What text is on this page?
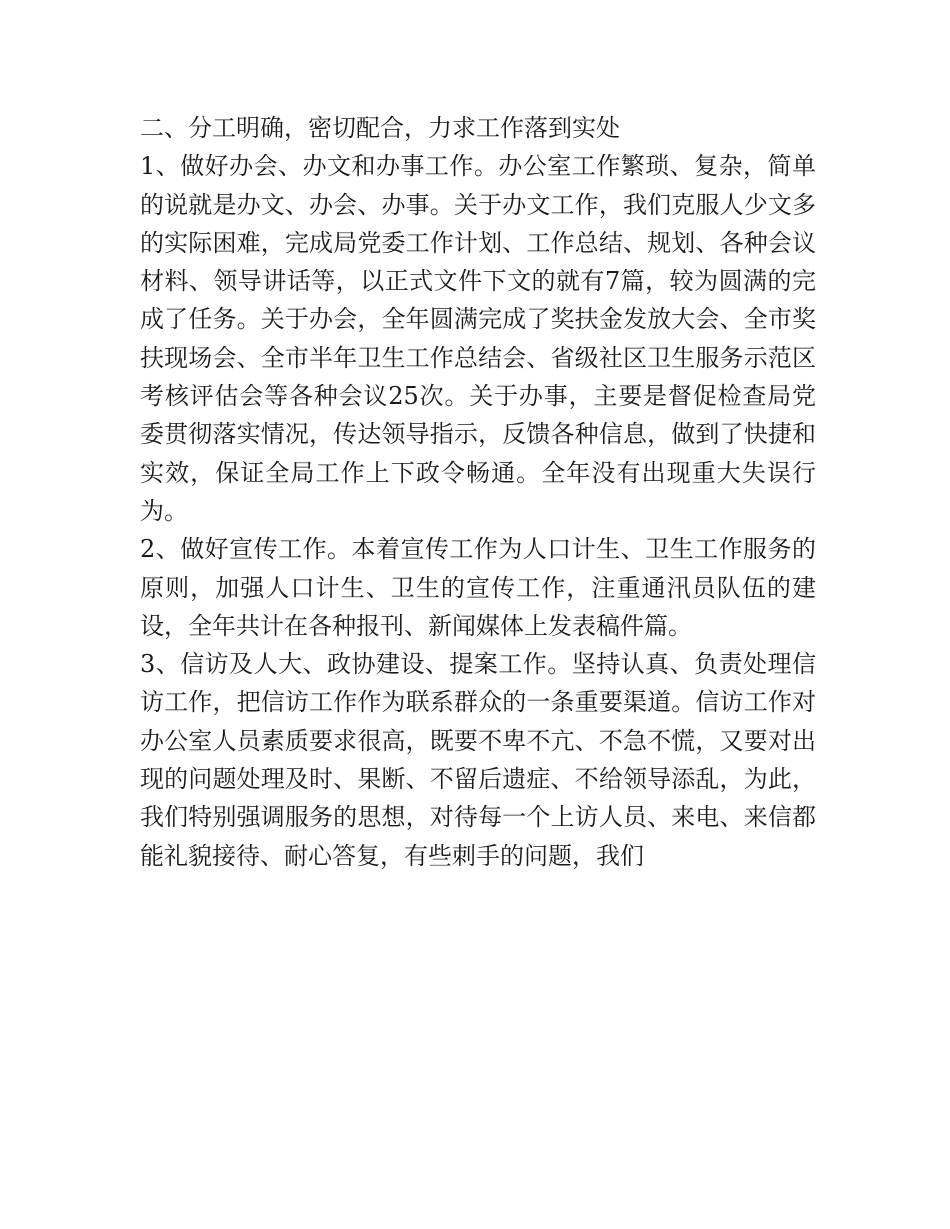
二、分工明确，密切配合，力求工作落到实处

1、做好办会、办文和办事工作。办公室工作繁琐、复杂，简单的说就是办文、办会、办事。关于办文工作，我们克服人少文多的实际困难，完成局党委工作计划、工作总结、规划、各种会议材料、领导讲话等，以正式文件下文的就有7篇，较为圆满的完成了任务。关于办会，全年圆满完成了奖扶金发放大会、全市奖扶现场会、全市半年卫生工作总结会、省级社区卫生服务示范区考核评估会等各种会议25次。关于办事，主要是督促检查局党委贯彻落实情况，传达领导指示，反馈各种信息，做到了快捷和实效，保证全局工作上下政令畅通。全年没有出现重大失误行为。

2、做好宣传工作。本着宣传工作为人口计生、卫生工作服务的原则，加强人口计生、卫生的宣传工作，注重通汛员队伍的建设，全年共计在各种报刊、新闻媒体上发表稿件篇。

3、信访及人大、政协建设、提案工作。坚持认真、负责处理信访工作，把信访工作作为联系群众的一条重要渠道。信访工作对办公室人员素质要求很高，既要不卑不亢、不急不慌，又要对出现的问题处理及时、果断、不留后遗症、不给领导添乱，为此，我们特别强调服务的思想，对待每一个上访人员、来电、来信都能礼貌接待、耐心答复，有些刺手的问题，我们
